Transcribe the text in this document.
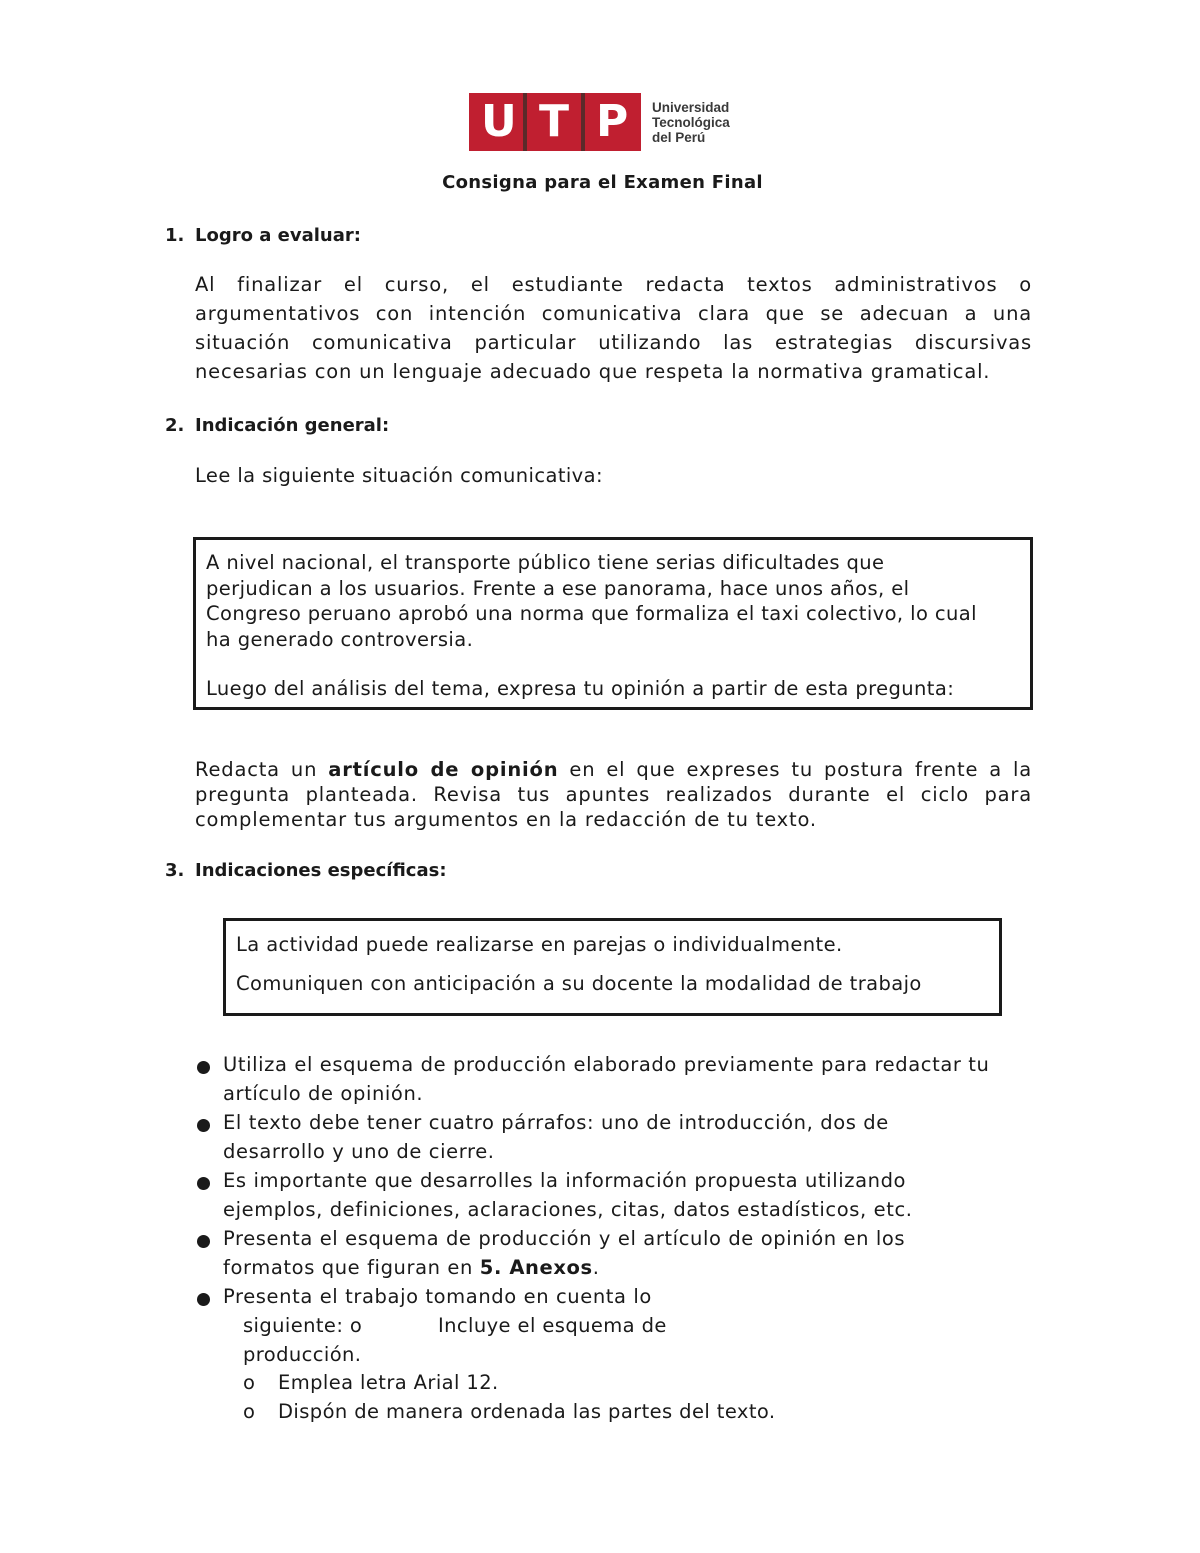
U T P Universidad
Tecnológica
del Perú
Consigna para el Examen Final
1. Logro a evaluar:
Al finalizar el curso, el estudiante redacta textos administrativos o
argumentativos con intención comunicativa clara que se adecuan a una
situación comunicativa particular utilizando las estrategias discursivas
necesarias con un lenguaje adecuado que respeta la normativa gramatical.
2. Indicación general:
Lee la siguiente situación comunicativa:

A nivel nacional, el transporte público tiene serias dificultades que

perjudican a los usuarios. Frente a ese panorama, hace unos años, el

Congreso peruano aprobó una norma que formaliza el taxi colectivo, lo cual

ha generado controversia.

Luego del análisis del tema, expresa tu opinión a partir de esta pregunta:

Redacta un artículo de opinión en el que expreses tu postura frente a la
pregunta planteada. Revisa tus apuntes realizados durante el ciclo para
complementar tus argumentos en la redacción de tu texto.
3. Indicaciones específicas:

La actividad puede realizarse en parejas o individualmente.

Comuniquen con anticipación a su docente la modalidad de trabajo

Utiliza el esquema de producción elaborado previamente para redactar tu
artículo de opinión.
El texto debe tener cuatro párrafos: uno de introducción, dos de
desarrollo y uno de cierre.
Es importante que desarrolles la información propuesta utilizando
ejemplos, definiciones, aclaraciones, citas, datos estadísticos, etc.
Presenta el esquema de producción y el artículo de opinión en los
formatos que figuran en 5. Anexos.
Presenta el trabajo tomando en cuenta lo
siguiente: o	Incluye el esquema de
producción.
o Emplea letra Arial 12.
o Dispón de manera ordenada las partes del texto.
